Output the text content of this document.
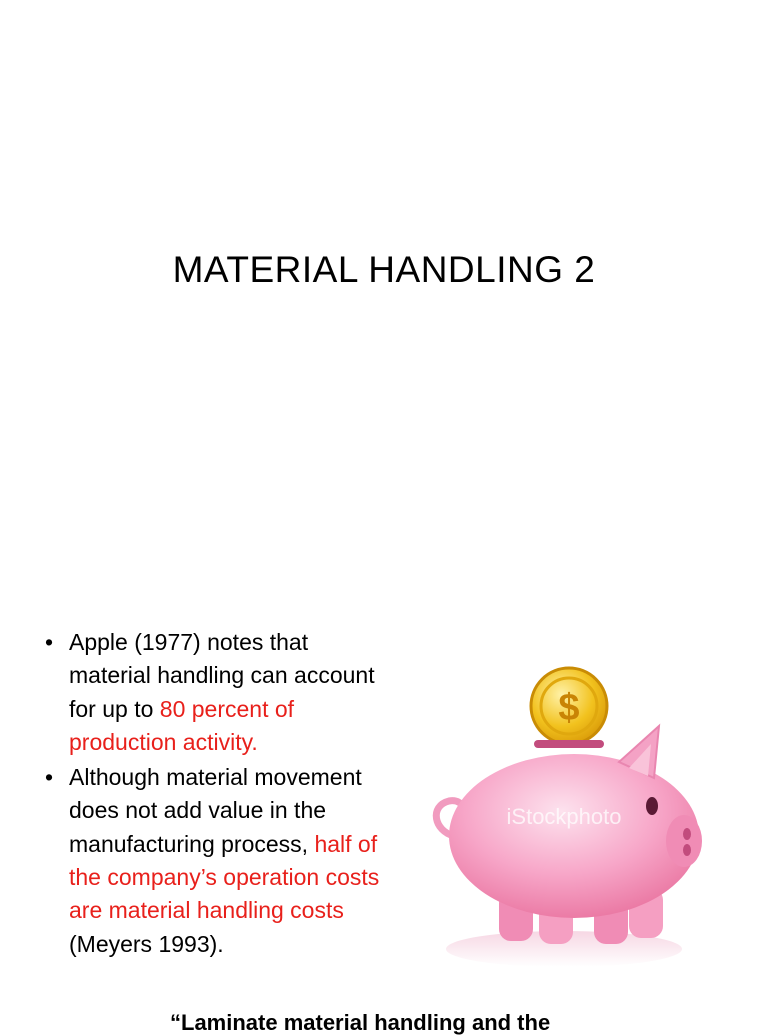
MATERIAL HANDLING 2
• Apple (1977) notes that material handling can account for up to 80 percent of production activity.
• Although material movement does not add value in the manufacturing process, half of the company’s operation costs are material handling costs (Meyers 1993).
$
iStockphoto
“Laminate material handling and the
